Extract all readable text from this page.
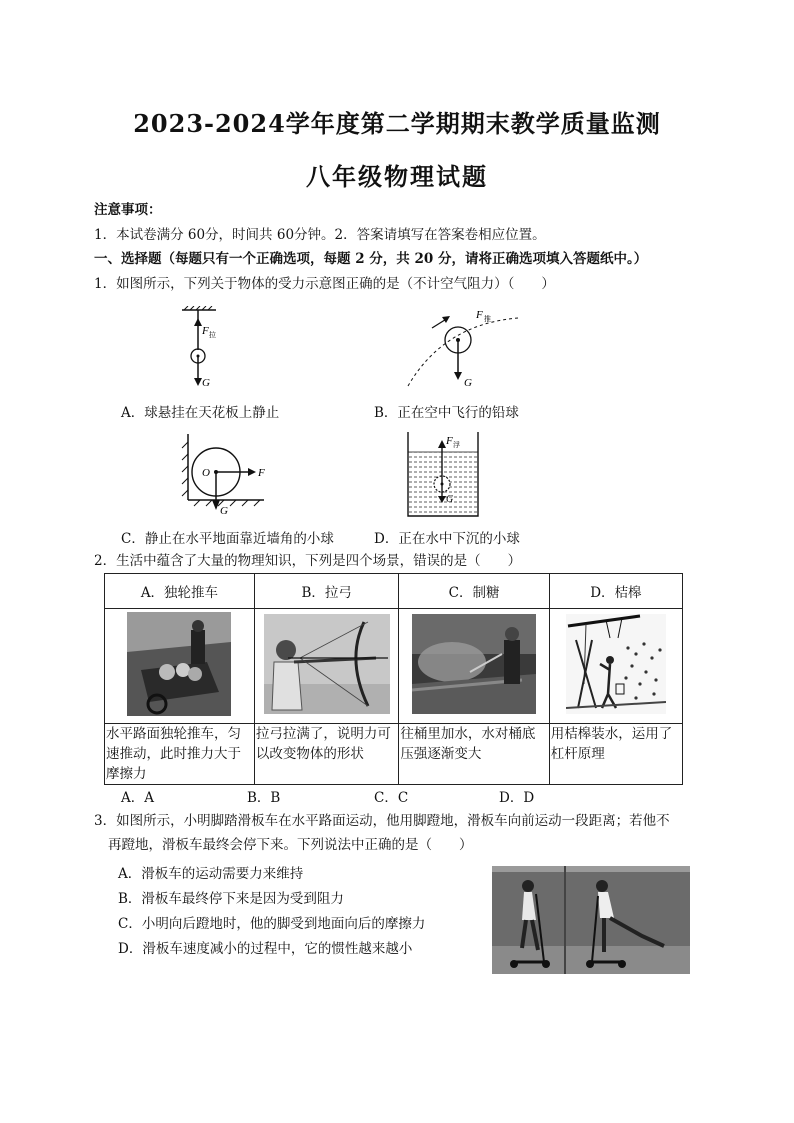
2023-2024学年度第二学期期末教学质量监测
八年级物理试题
注意事项：
1．本试卷满分 60分，时间共 60分钟。2．答案请填写在答案卷相应位置。
一、选择题（每题只有一个正确选项，每题 2 分，共 20 分，请将正确选项填入答题纸中。）
1．如图所示，下列关于物体的受力示意图正确的是（不计空气阻力）（　　）
F 拉
G
F 推
G
A．球悬挂在天花板上静止	B．正在空中飞行的铅球
O	F
G
F 浮
G
C．静止在水平地面靠近墙角的小球	D．正在水中下沉的小球
2．生活中蕴含了大量的物理知识，下列是四个场景，错误的是（　　）
A．独轮推车	B．拉弓	C．制糖	D．桔槔

水平路面独轮推车，匀速推动，此时推力大于摩擦力	拉弓拉满了，说明力可以改变物体的形状	往桶里加水，水对桶底压强逐渐变大	用桔槔装水，运用了杠杆原理
A．A	B．B	C．C	D．D
3．如图所示，小明脚踏滑板车在水平路面运动，他用脚蹬地，滑板车向前运动一段距离；若他不
再蹬地，滑板车最终会停下来。下列说法中正确的是（　　）
A．滑板车的运动需要力来维持
B．滑板车最终停下来是因为受到阻力
C．小明向后蹬地时，他的脚受到地面向后的摩擦力
D．滑板车速度减小的过程中，它的惯性越来越小
